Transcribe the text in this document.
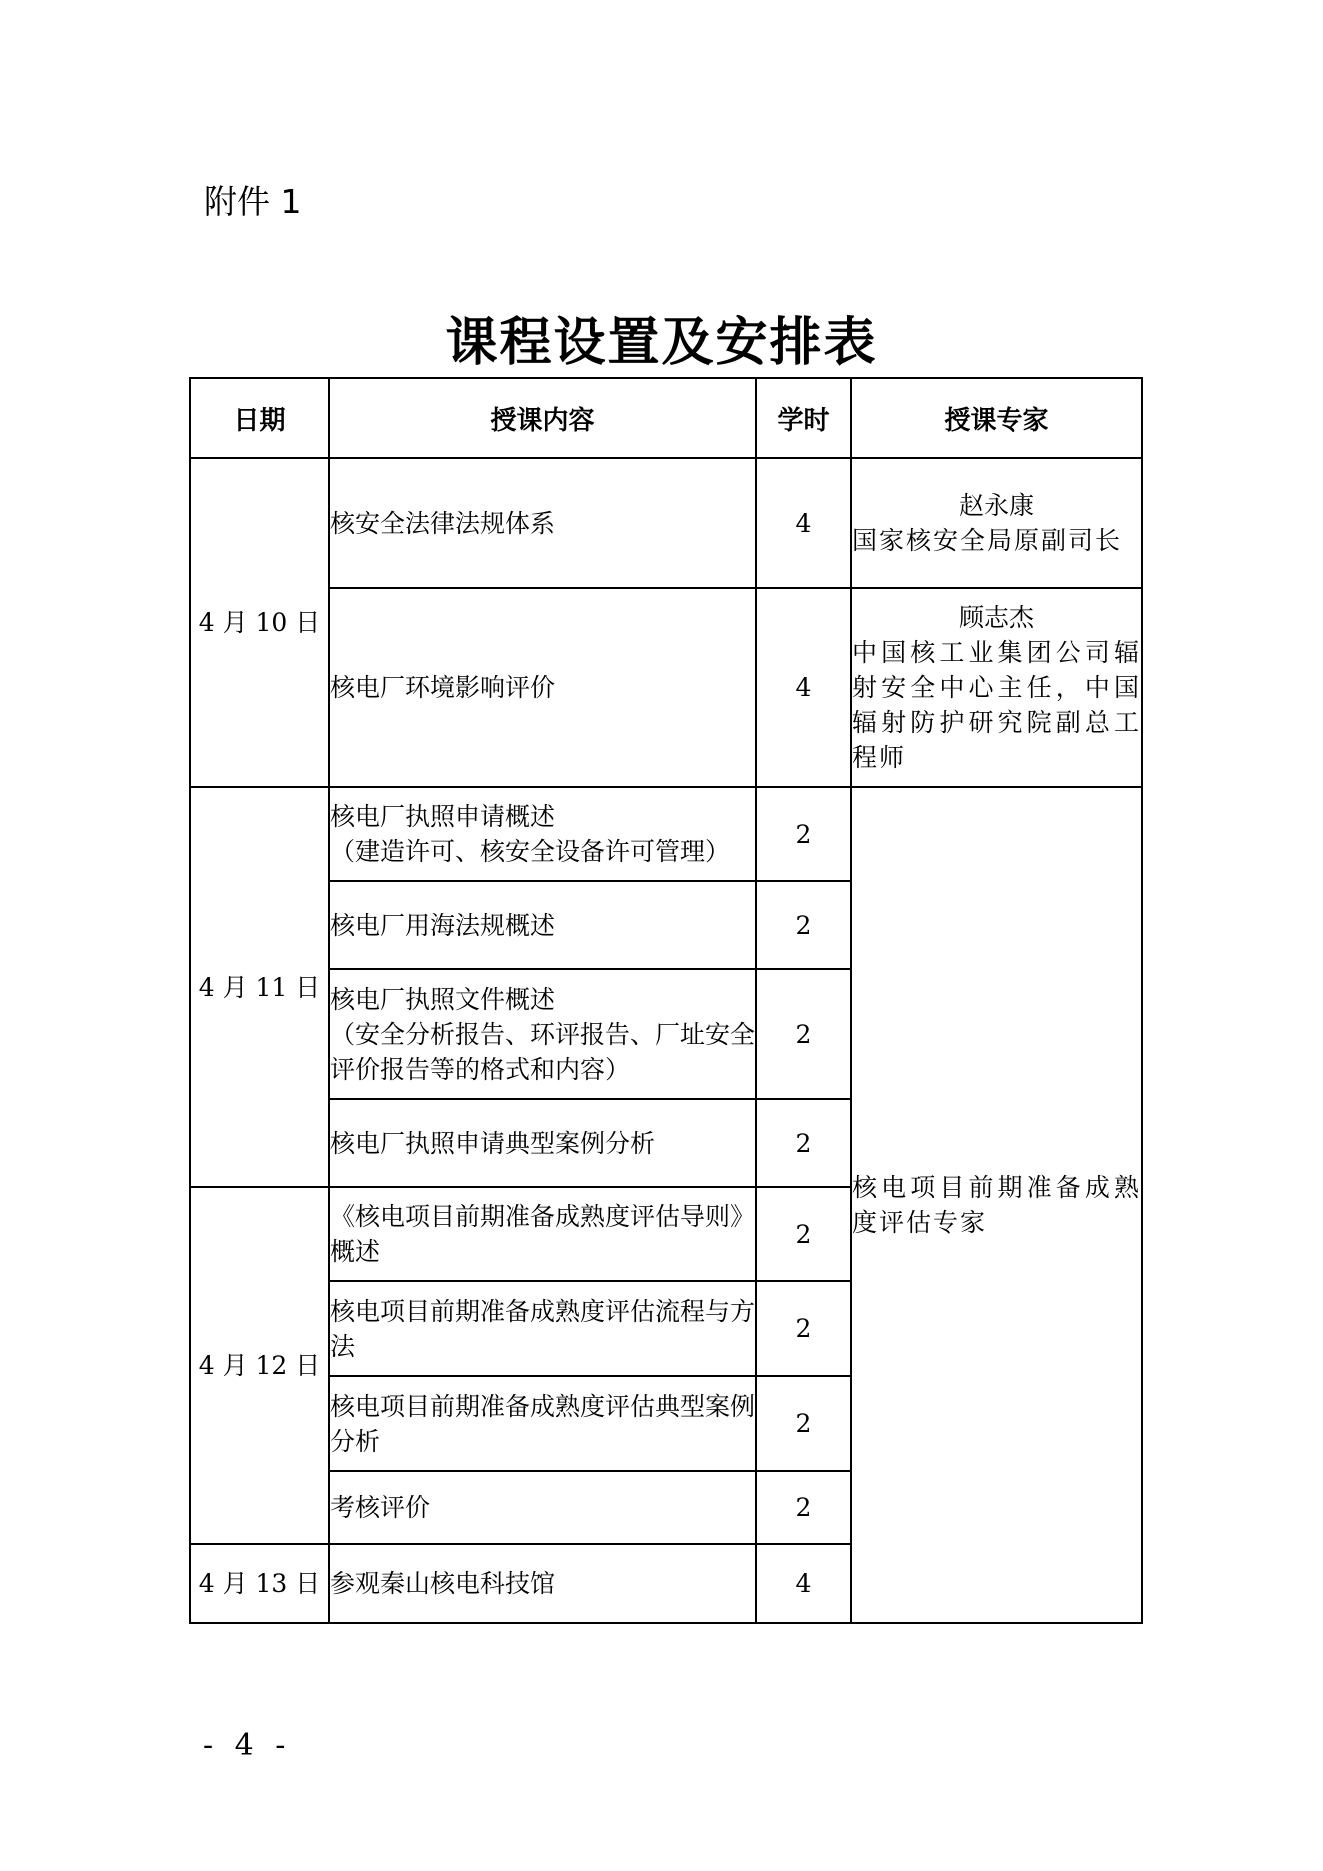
附件 1
课程设置及安排表
日期	授课内容	学时	授课专家
4 月 10 日	核安全法律法规体系	4	赵永康
国家核安全局原副司长

	核电厂环境影响评价	4	顾志杰
中国核工业集团公司辐射安全中心主任，中国辐射防护研究院副总工程师
4 月 11 日	核电厂执照申请概述
（建造许可、核安全设备许可管理）	2	核电项目前期准备成熟度评估专家

	核电厂用海法规概述	2	

	核电厂执照文件概述
（安全分析报告、环评报告、厂址安全评价报告等的格式和内容）	2	

	核电厂执照申请典型案例分析	2	
4 月 12 日	《核电项目前期准备成熟度评估导则》概述	2	
	核电项目前期准备成熟度评估流程与方法	2	
	核电项目前期准备成熟度评估典型案例分析	2	

	考核评价	2	
4 月 13 日	参观秦山核电科技馆	4	
- 4 -
